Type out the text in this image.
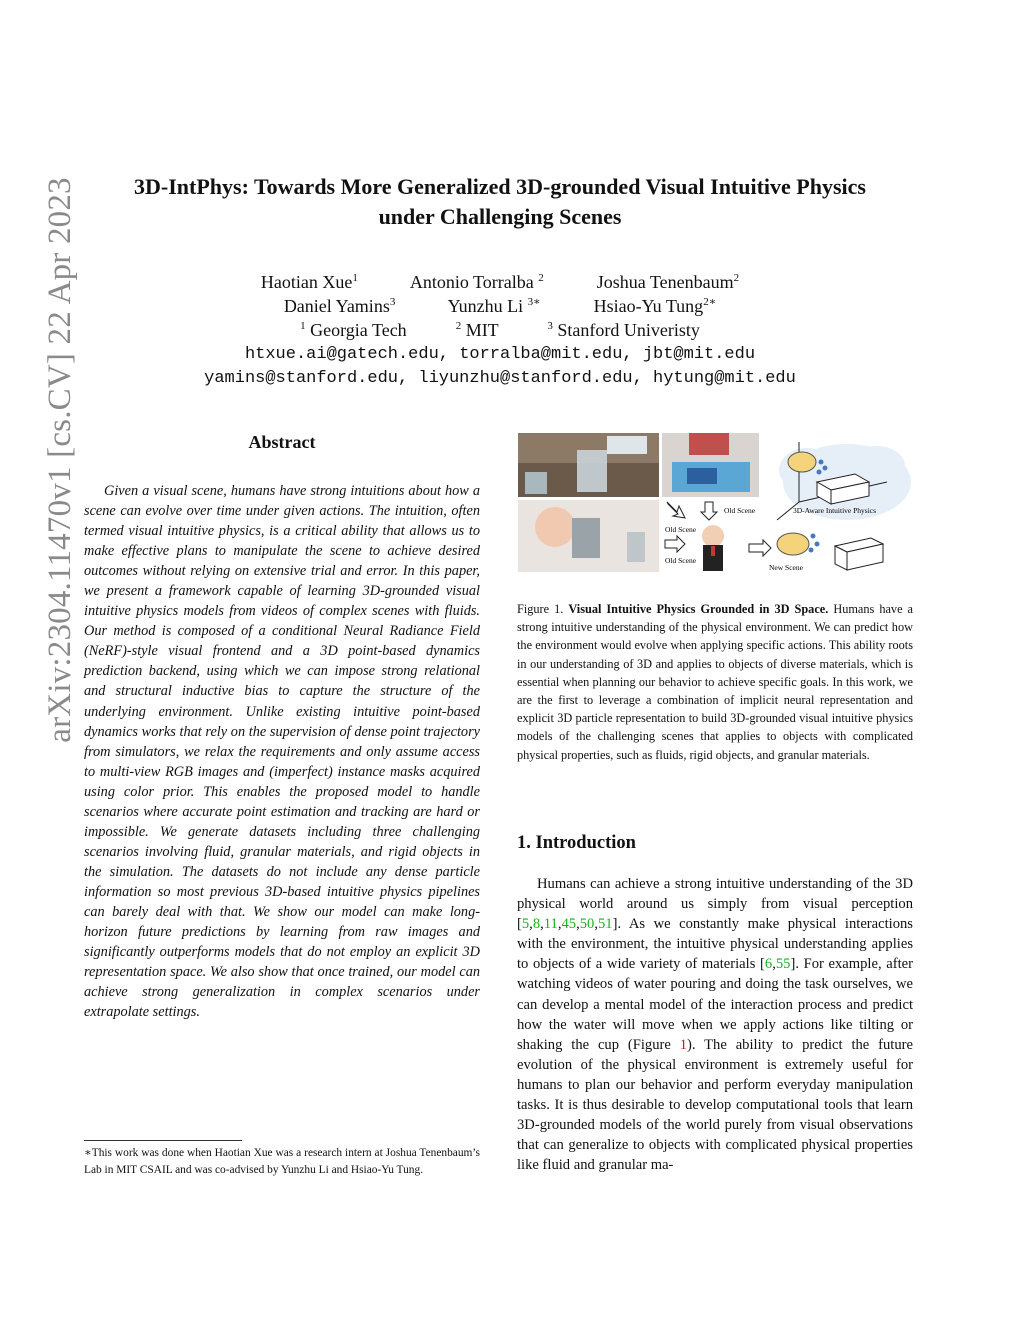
arXiv:2304.11470v1 [cs.CV] 22 Apr 2023	3D-IntPhys: Towards More Generalized 3D-grounded Visual Intuitive Physics
under Challenging Scenes
Haotian Xue$^1$	Antonio Torralba $^2$	Joshua Tenenbaum$^2$
Daniel Yamins$^3$	Yunzhu Li $^{3∗}$	Hsiao-Yu Tung$^{2∗}$
$^1$ Georgia Tech	$^2$ MIT	$^3$ Stanford Univeristy
htxue.ai@gatech.edu, torralba@mit.edu, jbt@mit.edu
yamins@stanford.edu, liyunzhu@stanford.edu, hytung@mit.edu
Abstract
Given a visual scene, humans have strong intuitions about how a scene can evolve over time under given actions. The intuition, often termed visual intuitive physics, is a critical ability that allows us to make effective plans to manipulate the scene to achieve desired outcomes without relying on extensive trial and error. In this paper, we present a framework capable of learning 3D-grounded visual intuitive physics models from videos of complex scenes with fluids. Our method is composed of a conditional Neural Radiance Field (NeRF)-style visual frontend and a 3D point-based dynamics prediction backend, using which we can impose strong relational and structural inductive bias to capture the structure of the underlying environment. Unlike existing intuitive point-based dynamics works that rely on the supervision of dense point trajectory from simulators, we relax the requirements and only assume access to multi-view RGB images and (imperfect) instance masks acquired using color prior. This enables the proposed model to handle scenarios where accurate point estimation and tracking are hard or impossible. We generate datasets including three challenging scenarios involving fluid, granular materials, and rigid objects in the simulation. The datasets do not include any dense particle information so most previous 3D-based intuitive physics pipelines can barely deal with that. We show our model can make long-horizon future predictions by learning from raw images and significantly outperforms models that do not employ an explicit 3D representation space. We also show that once trained, our model can achieve strong generalization in complex scenarios under extrapolate settings.
∗This work was done when Haotian Xue was a research intern at Joshua Tenenbaum’s Lab in MIT CSAIL and was co-advised by Yunzhu Li and Hsiao-Yu Tung.
Old Scene
Old Scene
Old Scene	3D-Aware Intuitive Physics
New Scene
Figure 1. Visual Intuitive Physics Grounded in 3D Space. Humans have a strong intuitive understanding of the physical environment. We can predict how the environment would evolve when applying specific actions. This ability roots in our understanding of 3D and applies to objects of diverse materials, which is essential when planning our behavior to achieve specific goals. In this work, we are the first to leverage a combination of implicit neural representation and explicit 3D particle representation to build 3D-grounded visual intuitive physics models of the challenging scenes that applies to objects with complicated physical properties, such as fluids, rigid objects, and granular materials.
1. Introduction
Humans can achieve a strong intuitive understanding of the 3D physical world around us simply from visual perception [5,8,11,45,50,51]. As we constantly make physical interactions with the environment, the intuitive physical understanding applies to objects of a wide variety of materials [6,55]. For example, after watching videos of water pouring and doing the task ourselves, we can develop a mental model of the interaction process and predict how the water will move when we apply actions like tilting or shaking the cup (Figure 1). The ability to predict the future evolution of the physical environment is extremely useful for humans to plan our behavior and perform everyday manipulation tasks. It is thus desirable to develop computational tools that learn 3D-grounded models of the world purely from visual observations that can generalize to objects with complicated physical properties like fluid and granular ma-
